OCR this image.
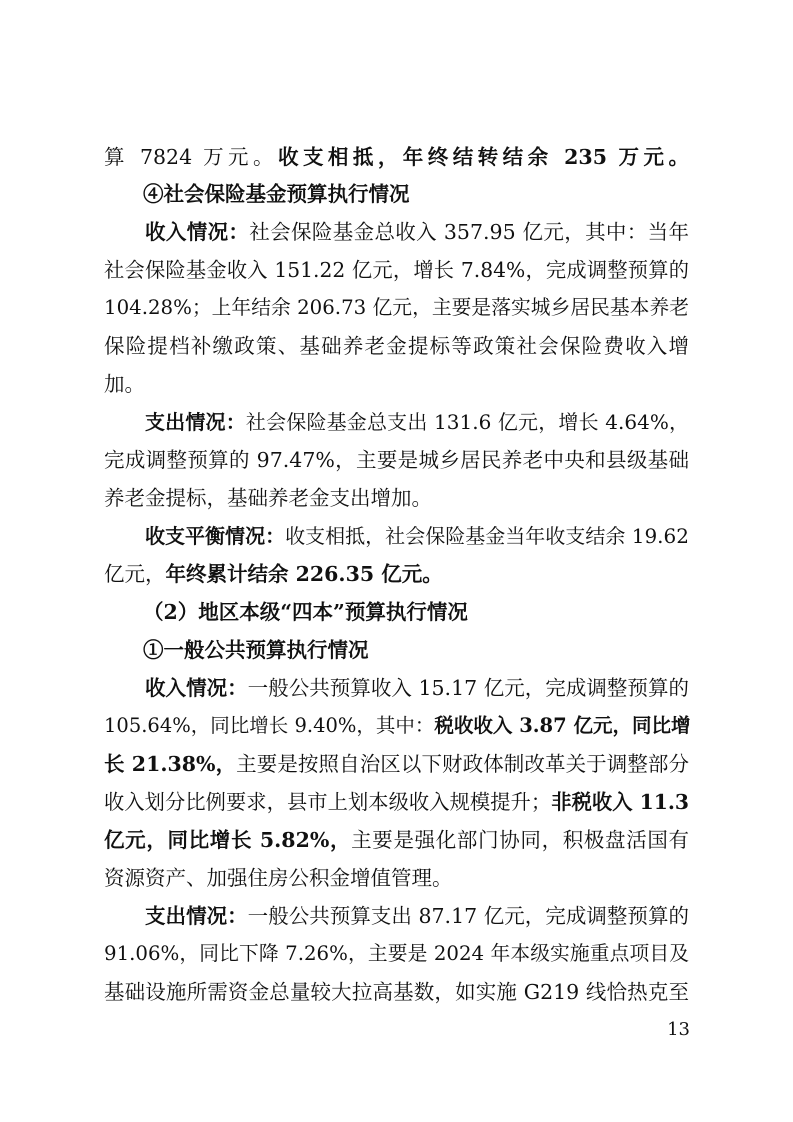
算 7824 万元。收支相抵，年终结转结余 235 万元。
④社会保险基金预算执行情况
收入情况：社会保险基金总收入 357.95 亿元，其中：当年
社会保险基金收入 151.22 亿元，增长 7.84%，完成调整预算的
104.28%；上年结余 206.73 亿元，主要是落实城乡居民基本养老
保险提档补缴政策、基础养老金提标等政策社会保险费收入增
加。
支出情况：社会保险基金总支出 131.6 亿元，增长 4.64%，
完成调整预算的 97.47%，主要是城乡居民养老中央和县级基础
养老金提标，基础养老金支出增加。
收支平衡情况：收支相抵，社会保险基金当年收支结余 19.62
亿元，年终累计结余 226.35 亿元。
（2）地区本级“四本”预算执行情况
①一般公共预算执行情况
收入情况：一般公共预算收入 15.17 亿元，完成调整预算的
105.64%，同比增长 9.40%，其中：税收收入 3.87 亿元，同比增
长 21.38%，主要是按照自治区以下财政体制改革关于调整部分
收入划分比例要求，县市上划本级收入规模提升；非税收入 11.3
亿元，同比增长 5.82%，主要是强化部门协同，积极盘活国有
资源资产、加强住房公积金增值管理。
支出情况：一般公共预算支出 87.17 亿元，完成调整预算的
91.06%，同比下降 7.26%，主要是 2024 年本级实施重点项目及
基础设施所需资金总量较大拉高基数，如实施 G219 线恰热克至
13
